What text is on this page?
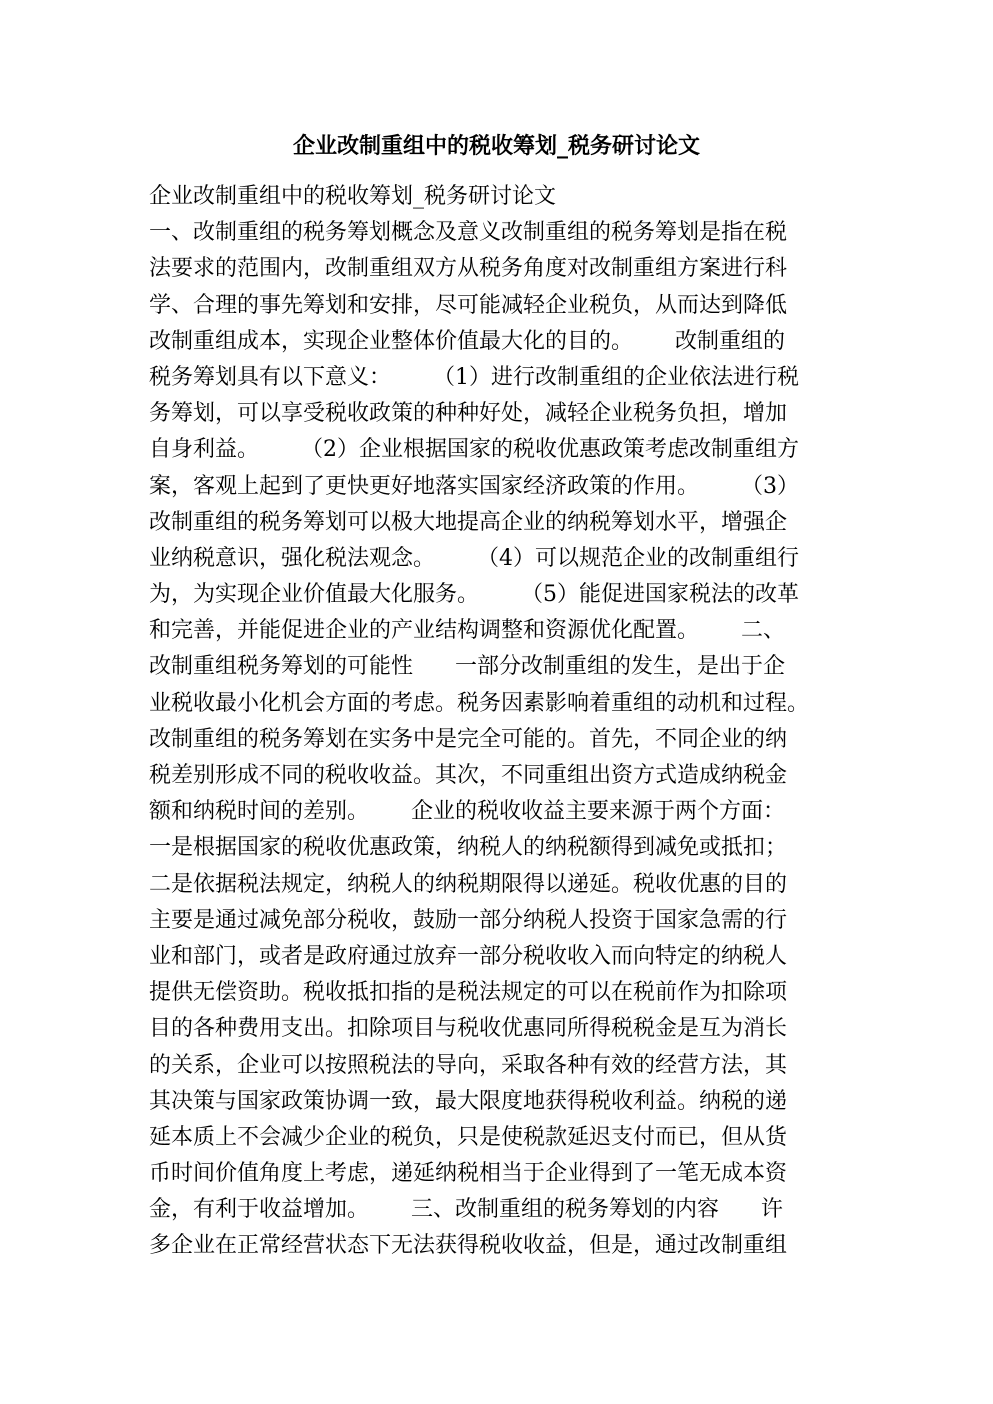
企业改制重组中的税收筹划_税务研讨论文
企业改制重组中的税收筹划_税务研讨论文
一、改制重组的税务筹划概念及意义改制重组的税务筹划是指在税
法要求的范围内，改制重组双方从税务角度对改制重组方案进行科
学、合理的事先筹划和安排，尽可能减轻企业税负，从而达到降低
改制重组成本，实现企业整体价值最大化的目的。      改制重组的
税务筹划具有以下意义：      （1）进行改制重组的企业依法进行税
务筹划，可以享受税收政策的种种好处，减轻企业税务负担，增加
自身利益。      （2）企业根据国家的税收优惠政策考虑改制重组方
案，客观上起到了更快更好地落实国家经济政策的作用。      （3）
改制重组的税务筹划可以极大地提高企业的纳税筹划水平，增强企
业纳税意识，强化税法观念。      （4）可以规范企业的改制重组行
为，为实现企业价值最大化服务。      （5）能促进国家税法的改革
和完善，并能促进企业的产业结构调整和资源优化配置。      二、
改制重组税务筹划的可能性      一部分改制重组的发生，是出于企
业税收最小化机会方面的考虑。税务因素影响着重组的动机和过程。
改制重组的税务筹划在实务中是完全可能的。首先，不同企业的纳
税差别形成不同的税收收益。其次，不同重组出资方式造成纳税金
额和纳税时间的差别。      企业的税收收益主要来源于两个方面：
一是根据国家的税收优惠政策，纳税人的纳税额得到减免或抵扣；
二是依据税法规定，纳税人的纳税期限得以递延。税收优惠的目的
主要是通过减免部分税收，鼓励一部分纳税人投资于国家急需的行
业和部门，或者是政府通过放弃一部分税收收入而向特定的纳税人
提供无偿资助。税收抵扣指的是税法规定的可以在税前作为扣除项
目的各种费用支出。扣除项目与税收优惠同所得税税金是互为消长
的关系，企业可以按照税法的导向，采取各种有效的经营方法，其
其决策与国家政策协调一致，最大限度地获得税收利益。纳税的递
延本质上不会减少企业的税负，只是使税款延迟支付而已，但从货
币时间价值角度上考虑，递延纳税相当于企业得到了一笔无成本资
金，有利于收益增加。      三、改制重组的税务筹划的内容      许
多企业在正常经营状态下无法获得税收收益，但是，通过改制重组
